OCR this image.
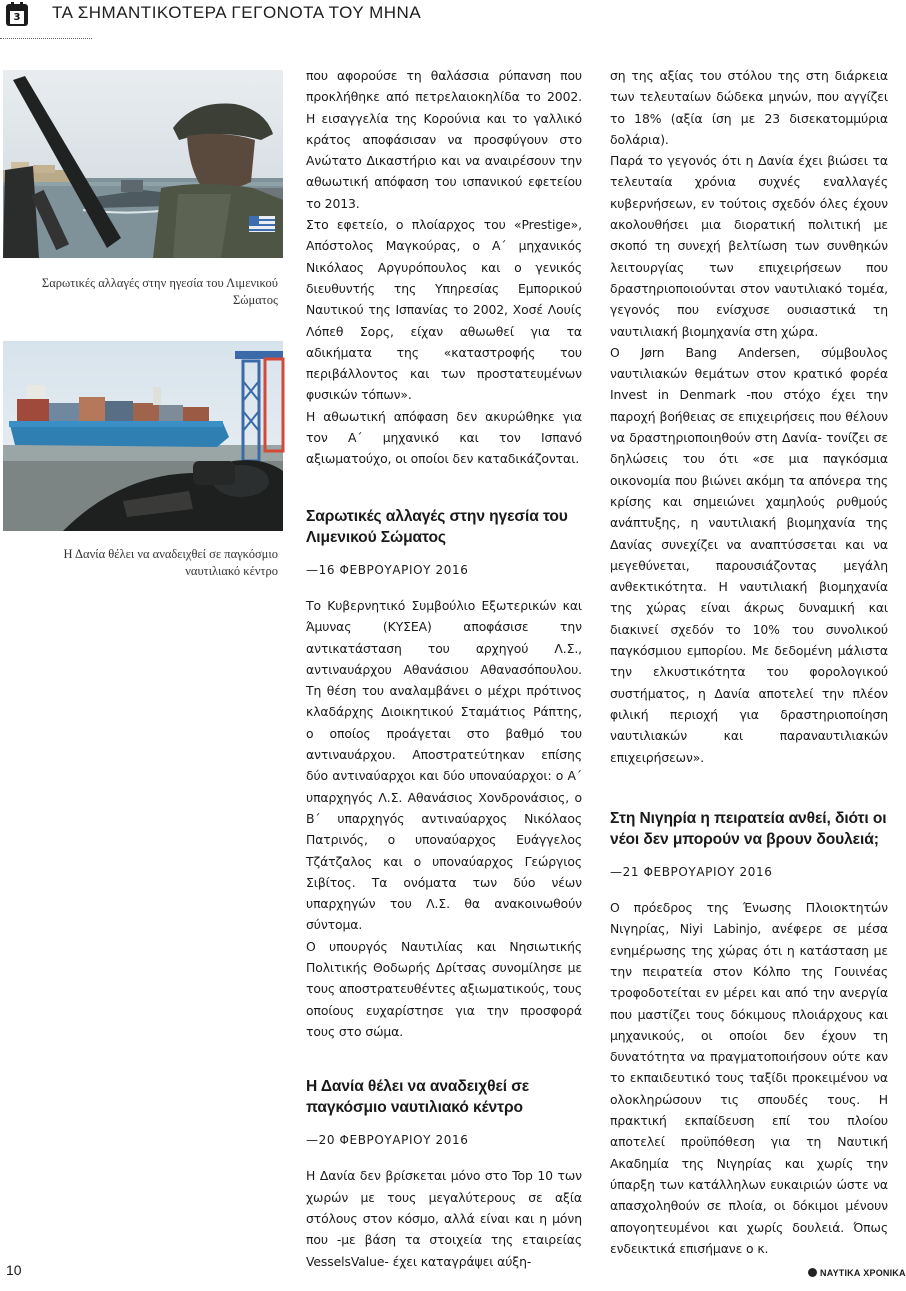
3 ΤΑ ΣΗΜΑΝΤΙΚΟΤΕΡΑ ΓΕΓΟΝΟΤΑ ΤΟΥ ΜΗΝΑ
Σαρωτικές αλλαγές στην ηγεσία του Λιμενικού Σώματος
Η Δανία θέλει να αναδειχθεί σε παγκόσμιο ναυτιλιακό κέντρο

που αφορούσε τη θαλάσσια ρύπανση που προκλήθηκε από πετρελαιοκηλίδα το 2002. Η εισαγγελία της Κορούνια και το γαλλικό κράτος αποφάσισαν να προσφύγουν στο Ανώτατο Δικαστήριο και να αναιρέσουν την αθωωτική απόφαση του ισπανικού εφετείου το 2013.

Στο εφετείο, ο πλοίαρχος του «Prestige», Απόστολος Μαγκούρας, ο Α΄ μηχανικός Νικόλαος Αργυρόπουλος και ο γενικός διευθυντής της Υπηρεσίας Εμπορικού Ναυτικού της Ισπανίας το 2002, Χοσέ Λουίς Λόπεθ Σορς, είχαν αθωωθεί για τα αδικήματα της «καταστροφής του περιβάλλοντος και των προστατευμένων φυσικών τόπων».

Η αθωωτική απόφαση δεν ακυρώθηκε για τον Α΄ μηχανικό και τον Ισπανό αξιωματούχο, οι οποίοι δεν καταδικάζονται.

Σαρωτικές αλλαγές στην ηγεσία του Λιμενικού Σώματος
—16 ΦΕΒΡΟΥΑΡΙΟΥ 2016

Το Κυβερνητικό Συμβούλιο Εξωτερικών και Άμυνας (ΚΥΣΕΑ) αποφάσισε την αντικατάσταση του αρχηγού Λ.Σ., αντιναυάρχου Αθανάσιου Αθανασόπουλου. Τη θέση του αναλαμβάνει ο μέχρι πρότινος κλαδάρχης Διοικητικού Σταμάτιος Ράπτης, ο οποίος προάγεται στο βαθμό του αντιναυάρχου. Αποστρατεύτηκαν επίσης δύο αντιναύαρχοι και δύο υποναύαρχοι: ο Α΄ υπαρχηγός Λ.Σ. Αθανάσιος Χονδρονάσιος, ο Β΄ υπαρχηγός αντιναύαρχος Νικόλαος Πατρινός, ο υποναύαρχος Ευάγγελος Τζάτζαλος και ο υποναύαρχος Γεώργιος Σιβίτος. Τα ονόματα των δύο νέων υπαρχηγών του Λ.Σ. θα ανακοινωθούν σύντομα.

Ο υπουργός Ναυτιλίας και Νησιωτικής Πολιτικής Θοδωρής Δρίτσας συνομίλησε με τους αποστρατευθέντες αξιωματικούς, τους οποίους ευχαρίστησε για την προσφορά τους στο σώμα.

Η Δανία θέλει να αναδειχθεί σε παγκόσμιο ναυτιλιακό κέντρο
—20 ΦΕΒΡΟΥΑΡΙΟΥ 2016

Η Δανία δεν βρίσκεται μόνο στο Top 10 των χωρών με τους μεγαλύτερους σε αξία στόλους στον κόσμο, αλλά είναι και η μόνη που -με βάση τα στοιχεία της εταιρείας VesselsValue- έχει καταγράψει αύξη-

ση της αξίας του στόλου της στη διάρκεια των τελευταίων δώδεκα μηνών, που αγγίζει το 18% (αξία ίση με 23 δισεκατομμύρια δολάρια).

Παρά το γεγονός ότι η Δανία έχει βιώσει τα τελευταία χρόνια συχνές εναλλαγές κυβερνήσεων, εν τούτοις σχεδόν όλες έχουν ακολουθήσει μια διορατική πολιτική με σκοπό τη συνεχή βελτίωση των συνθηκών λειτουργίας των επιχειρήσεων που δραστηριοποιούνται στον ναυτιλιακό τομέα, γεγονός που ενίσχυσε ουσιαστικά τη ναυτιλιακή βιομηχανία στη χώρα.

Ο Jørn Bang Andersen, σύμβουλος ναυτιλιακών θεμάτων στον κρατικό φορέα Invest in Denmark -που στόχο έχει την παροχή βοήθειας σε επιχειρήσεις που θέλουν να δραστηριοποιηθούν στη Δανία- τονίζει σε δηλώσεις του ότι «σε μια παγκόσμια οικονομία που βιώνει ακόμη τα απόνερα της κρίσης και σημειώνει χαμηλούς ρυθμούς ανάπτυξης, η ναυτιλιακή βιομηχανία της Δανίας συνεχίζει να αναπτύσσεται και να μεγεθύνεται, παρουσιάζοντας μεγάλη ανθεκτικότητα. Η ναυτιλιακή βιομηχανία της χώρας είναι άκρως δυναμική και διακινεί σχεδόν το 10% του συνολικού παγκόσμιου εμπορίου. Με δεδομένη μάλιστα την ελκυστικότητα του φορολογικού συστήματος, η Δανία αποτελεί την πλέον φιλική περιοχή για δραστηριοποίηση ναυτιλιακών και παραναυτιλιακών επιχειρήσεων».

Στη Νιγηρία η πειρατεία ανθεί, διότι οι νέοι δεν μπορούν να βρουν δουλειά;
—21 ΦΕΒΡΟΥΑΡΙΟΥ 2016

Ο πρόεδρος της Ένωσης Πλοιοκτητών Νιγηρίας, Niyi Labinjo, ανέφερε σε μέσα ενημέρωσης της χώρας ότι η κατάσταση με την πειρατεία στον Κόλπο της Γουινέας τροφοδοτείται εν μέρει και από την ανεργία που μαστίζει τους δόκιμους πλοιάρχους και μηχανικούς, οι οποίοι δεν έχουν τη δυνατότητα να πραγματοποιήσουν ούτε καν το εκπαιδευτικό τους ταξίδι προκειμένου να ολοκληρώσουν τις σπουδές τους. Η πρακτική εκπαίδευση επί του πλοίου αποτελεί προϋπόθεση για τη Ναυτική Ακαδημία της Νιγηρίας και χωρίς την ύπαρξη των κατάλληλων ευκαιριών ώστε να απασχοληθούν σε πλοία, οι δόκιμοι μένουν απογοητευμένοι και χωρίς δουλειά. Όπως ενδεικτικά επισήμανε ο κ.

10	ΝΑΥΤΙΚΑ ΧΡΟΝΙΚΑ
